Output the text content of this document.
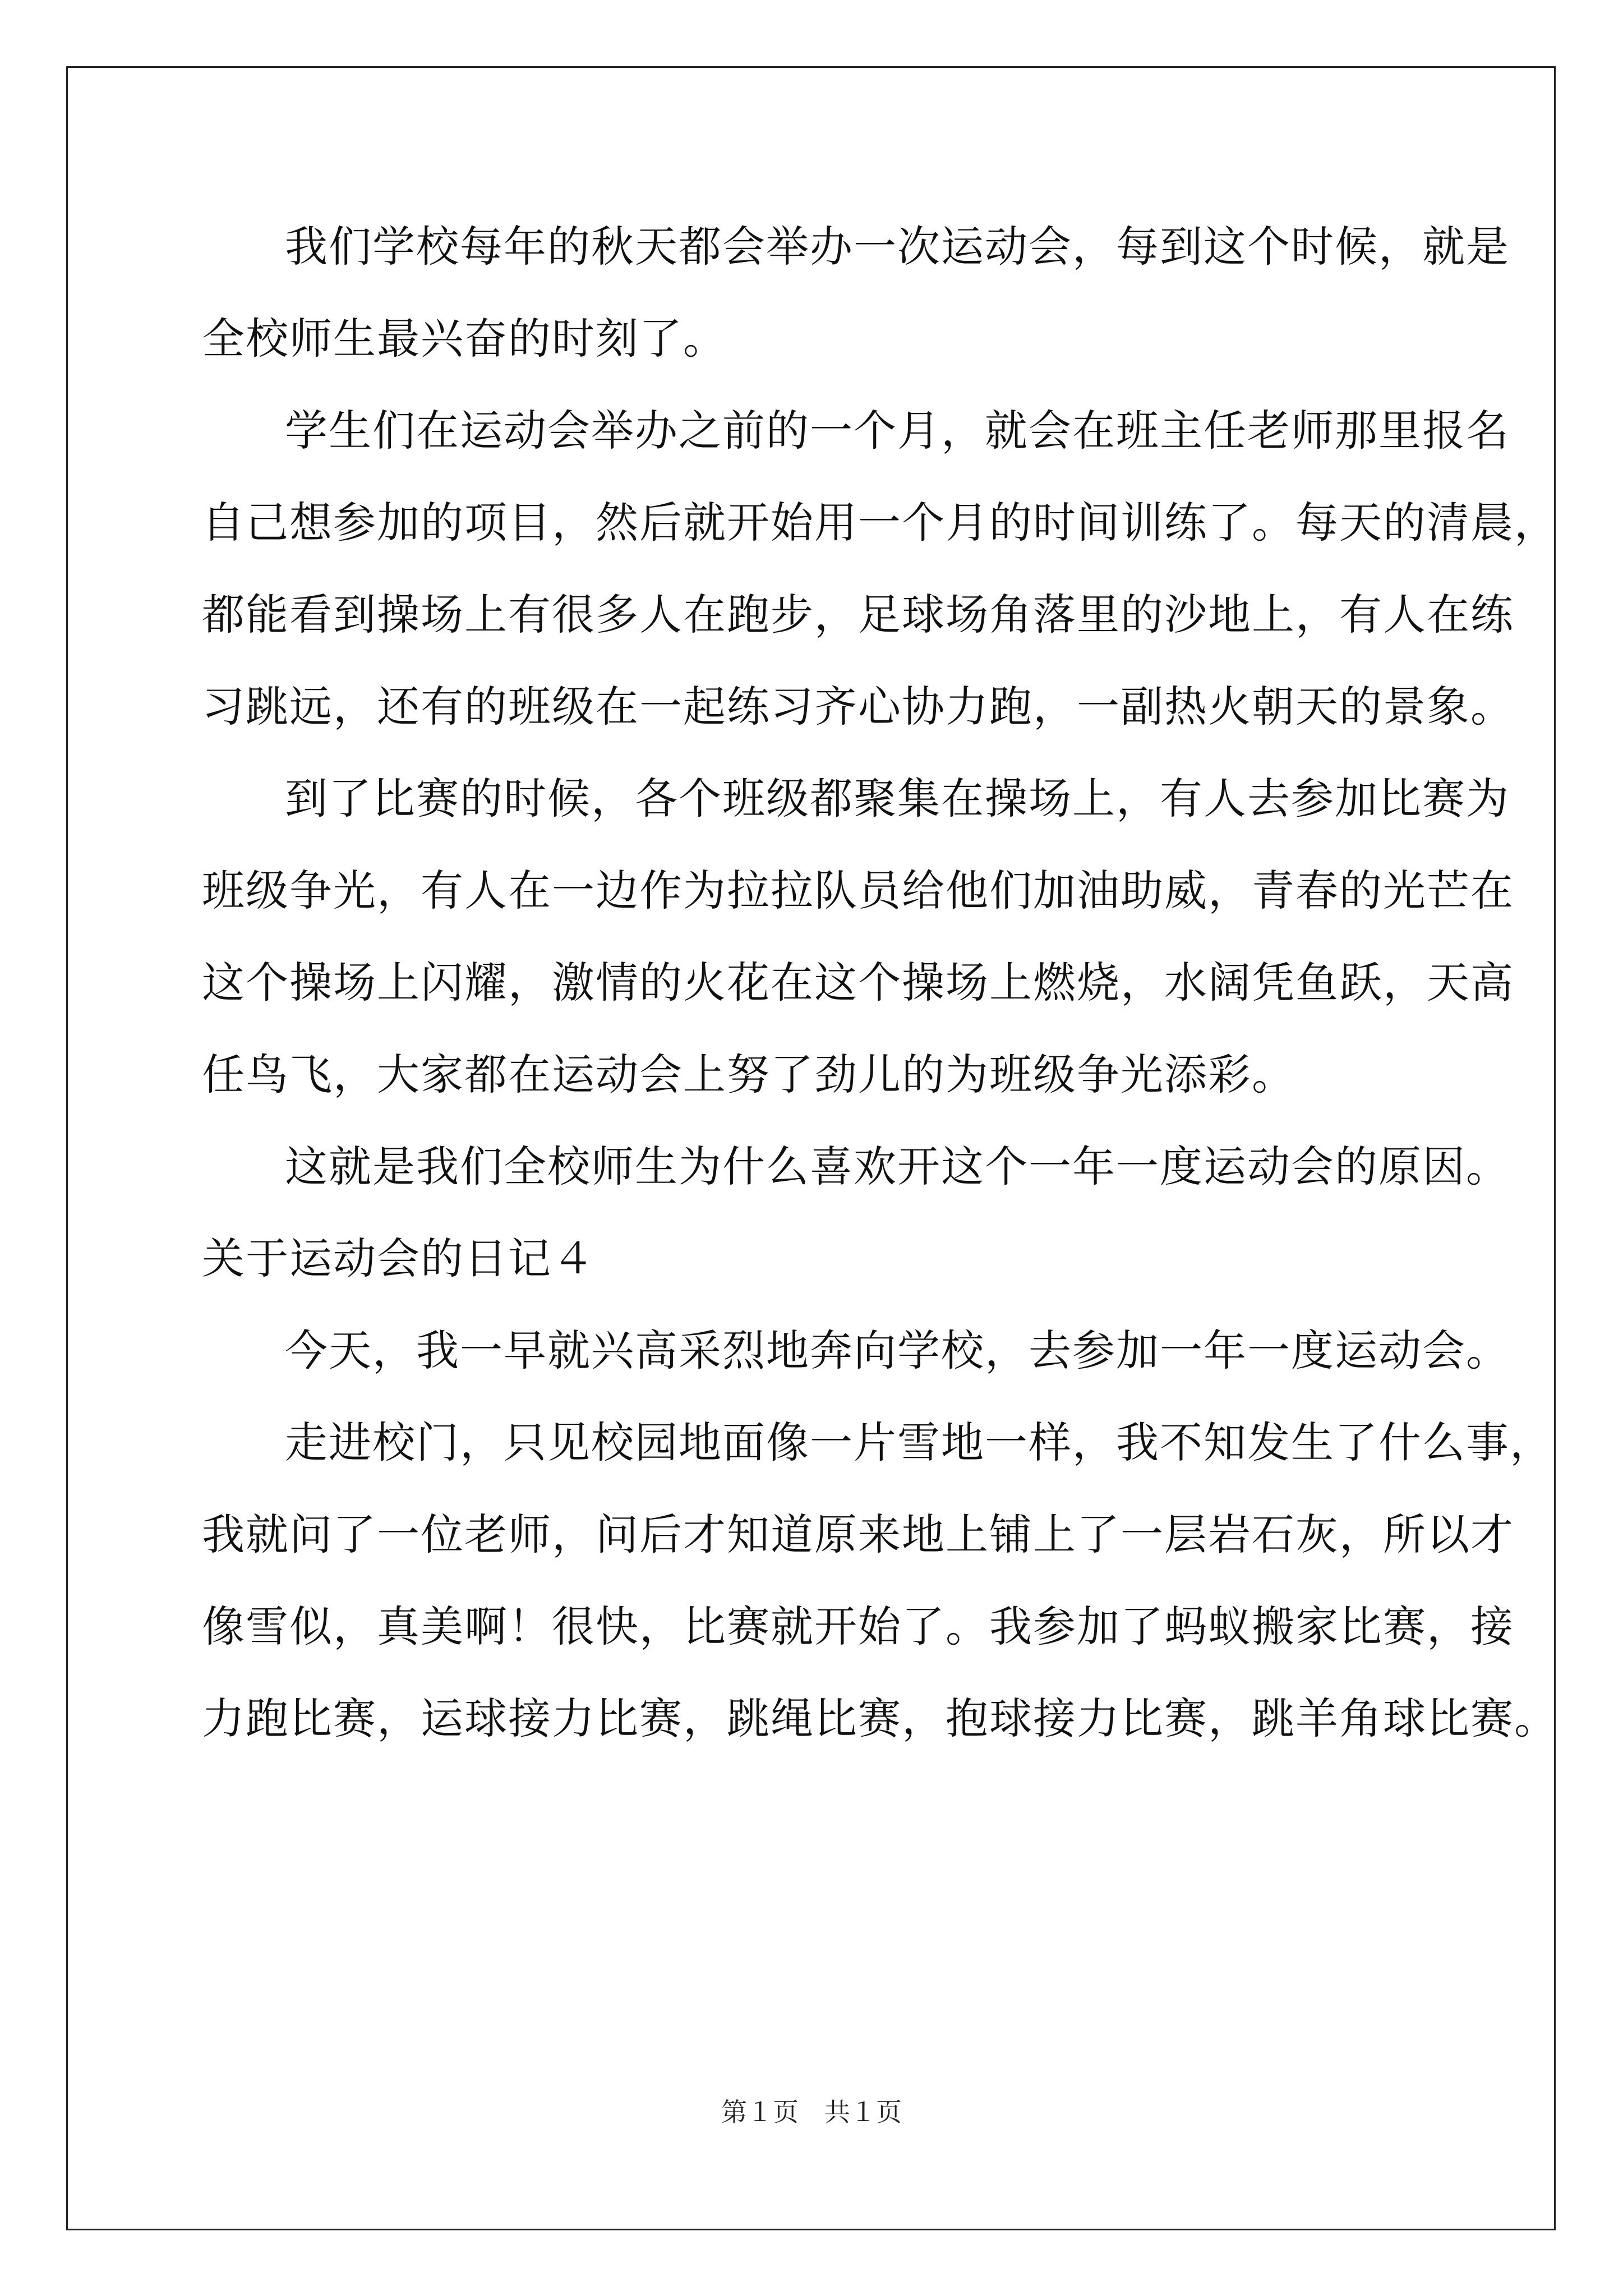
我们学校每年的秋天都会举办一次运动会，每到这个时候，就是
全校师生最兴奋的时刻了。
学生们在运动会举办之前的一个月，就会在班主任老师那里报名
自己想参加的项目，然后就开始用一个月的时间训练了。每天的清晨，
都能看到操场上有很多人在跑步，足球场角落里的沙地上，有人在练
习跳远，还有的班级在一起练习齐心协力跑，一副热火朝天的景象。
到了比赛的时候，各个班级都聚集在操场上，有人去参加比赛为
班级争光，有人在一边作为拉拉队员给他们加油助威，青春的光芒在
这个操场上闪耀，激情的火花在这个操场上燃烧，水阔凭鱼跃，天高
任鸟飞，大家都在运动会上努了劲儿的为班级争光添彩。
这就是我们全校师生为什么喜欢开这个一年一度运动会的原因。
关于运动会的日记４
今天，我一早就兴高采烈地奔向学校，去参加一年一度运动会。
走进校门，只见校园地面像一片雪地一样，我不知发生了什么事，
我就问了一位老师，问后才知道原来地上铺上了一层岩石灰，所以才
像雪似，真美啊！很快，比赛就开始了。我参加了蚂蚁搬家比赛，接
力跑比赛，运球接力比赛，跳绳比赛，抱球接力比赛，跳羊角球比赛。
第１页　共１页
